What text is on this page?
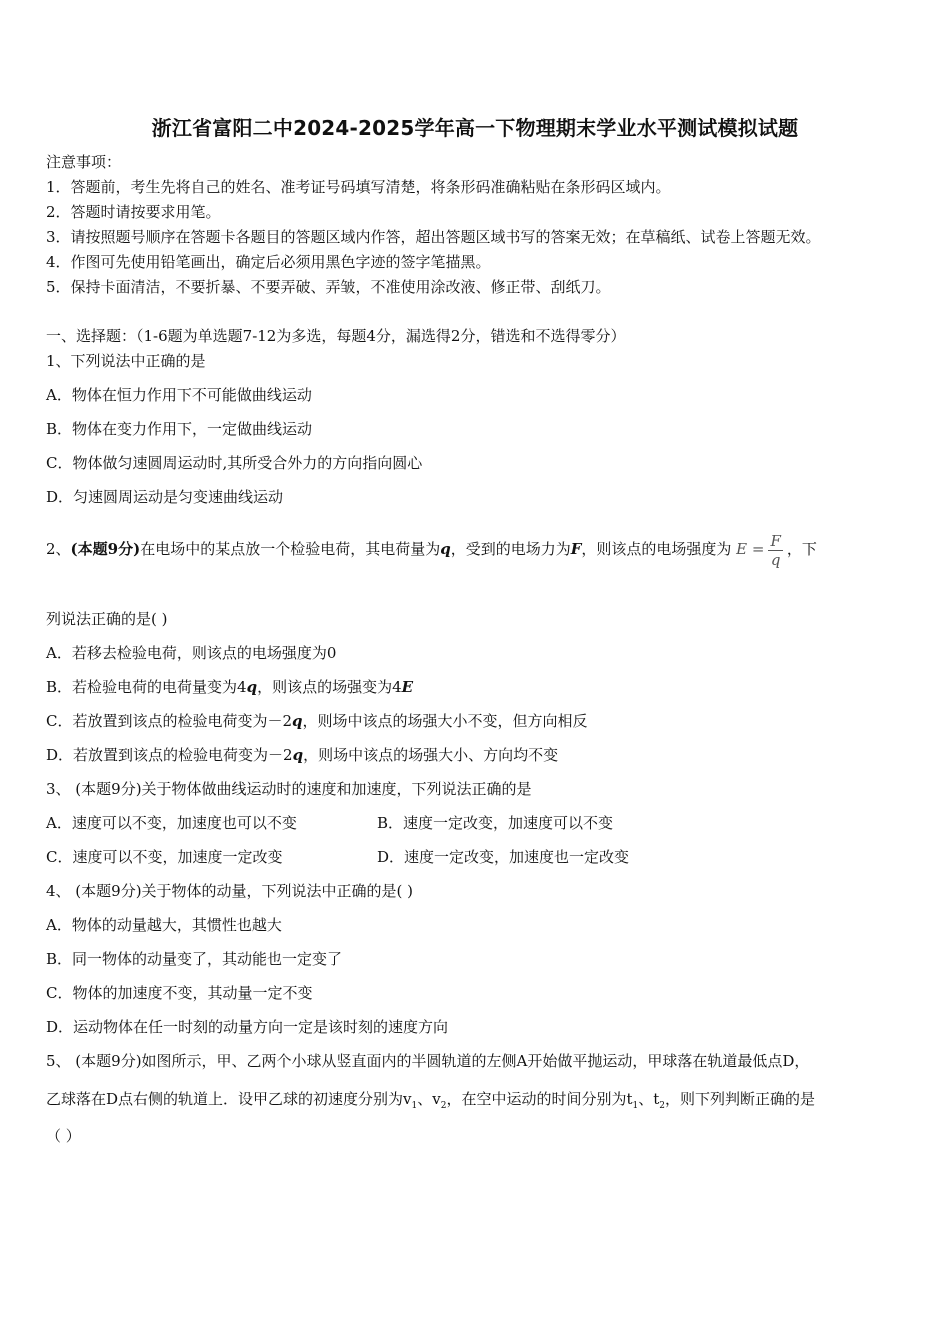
浙江省富阳二中2024-2025学年高一下物理期末学业水平测试模拟试题
注意事项：
1．答题前，考生先将自己的姓名、准考证号码填写清楚，将条形码准确粘贴在条形码区域内。
2．答题时请按要求用笔。
3．请按照题号顺序在答题卡各题目的答题区域内作答，超出答题区域书写的答案无效；在草稿纸、试卷上答题无效。
4．作图可先使用铅笔画出，确定后必须用黑色字迹的签字笔描黑。
5．保持卡面清洁，不要折暴、不要弄破、弄皱，不准使用涂改液、修正带、刮纸刀。
一、选择题：（1-6题为单选题7-12为多选，每题4分，漏选得2分，错选和不选得零分）
1、下列说法中正确的是
A．物体在恒力作用下不可能做曲线运动
B．物体在变力作用下，一定做曲线运动
C．物体做匀速圆周运动时,其所受合外力的方向指向圆心
D．匀速圆周运动是匀变速曲线运动
2、(本题9分)在电场中的某点放一个检验电荷，其电荷量为q，受到的电场力为F，则该点的电场强度为 $E = \frac{F}{q}$ ，下
列说法正确的是( )
A．若移去检验电荷，则该点的电场强度为0
B．若检验电荷的电荷量变为4q，则该点的场强变为4E
C．若放置到该点的检验电荷变为－2q，则场中该点的场强大小不变，但方向相反
D．若放置到该点的检验电荷变为－2q，则场中该点的场强大小、方向均不变
3、 (本题9分)关于物体做曲线运动时的速度和加速度，下列说法正确的是
A．速度可以不变，加速度也可以不变	B．速度一定改变，加速度可以不变
C．速度可以不变，加速度一定改变	D．速度一定改变，加速度也一定改变
4、 (本题9分)关于物体的动量，下列说法中正确的是( )
A．物体的动量越大，其惯性也越大
B．同一物体的动量变了，其动能也一定变了
C．物体的加速度不变，其动量一定不变
D．运动物体在任一时刻的动量方向一定是该时刻的速度方向
5、 (本题9分)如图所示，甲、乙两个小球从竖直面内的半圆轨道的左侧A开始做平抛运动，甲球落在轨道最低点D，
乙球落在D点右侧的轨道上．设甲乙球的初速度分别为$v_1$、$v_2$，在空中运动的时间分别为$t_1$、$t_2$，则下列判断正确的是
（ ）
